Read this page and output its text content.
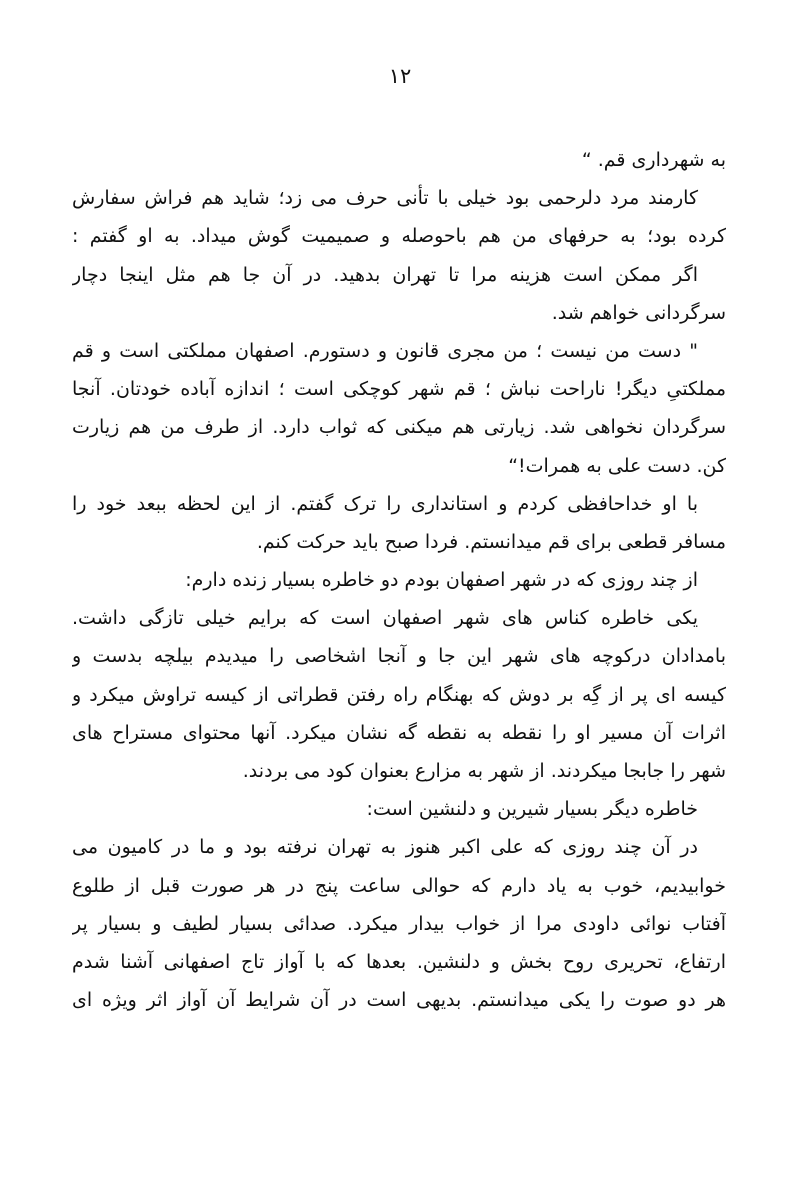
۱۲
به شهرداری قم. “
کارمند مرد دلرحمی بود خیلی با تأنی حرف می زد؛ شاید هم فراش سفارش
کرده بود؛ به حرفهای من هم باحوصله و صمیمیت گوش میداد. به او گفتم :
اگر ممکن است هزینه مرا تا تهران بدهید. در آن جا هم مثل اینجا دچار
سرگردانی خواهم شد.
" دست من نیست ؛ من مجری قانون و دستورم. اصفهان مملکتی است و قم
مملکتیِ دیگر! ناراحت نباش ؛ قم شهر کوچکی است ؛ اندازه آباده خودتان. آنجا
سرگردان نخواهی شد. زیارتی هم میکنی که ثواب دارد. از طرف من هم زیارت
کن. دست علی به همرات!“
با او خداحافظی کردم و استانداری را ترک گفتم. از این لحظه ببعد خود را
مسافر قطعی برای قم میدانستم. فردا صبح باید حرکت کنم.
از چند روزی که در شهر اصفهان بودم دو خاطره بسیار زنده دارم:
یکی خاطره کناس های شهر اصفهان است که برایم خیلی تازگی داشت.
بامدادان درکوچه های شهر این جا و آنجا اشخاصی را میدیدم بیلچه بدست و
کیسه ای پر از گِه بر دوش که بهنگام راه رفتن قطراتی از کیسه تراوش میکرد و
اثرات آن مسیر او را نقطه به نقطه گه نشان میکرد. آنها محتوای مستراح های
شهر را جابجا میکردند. از شهر به مزارع بعنوان کود می بردند.
خاطره دیگر بسیار شیرین و دلنشین است:
در آن چند روزی که علی اکبر هنوز به تهران نرفته بود و ما در کامیون می
خوابیدیم، خوب به یاد دارم که حوالی ساعت پنج در هر صورت قبل از طلوع
آفتاب نوائی داودی مرا از خواب بیدار میکرد. صدائی بسیار لطیف و بسیار پر
ارتفاع، تحریری روح بخش و دلنشین. بعدها که با آواز تاج اصفهانی آشنا شدم
هر دو صوت را یکی میدانستم. بدیهی است در آن شرایط آن آواز اثر ویژه ای
